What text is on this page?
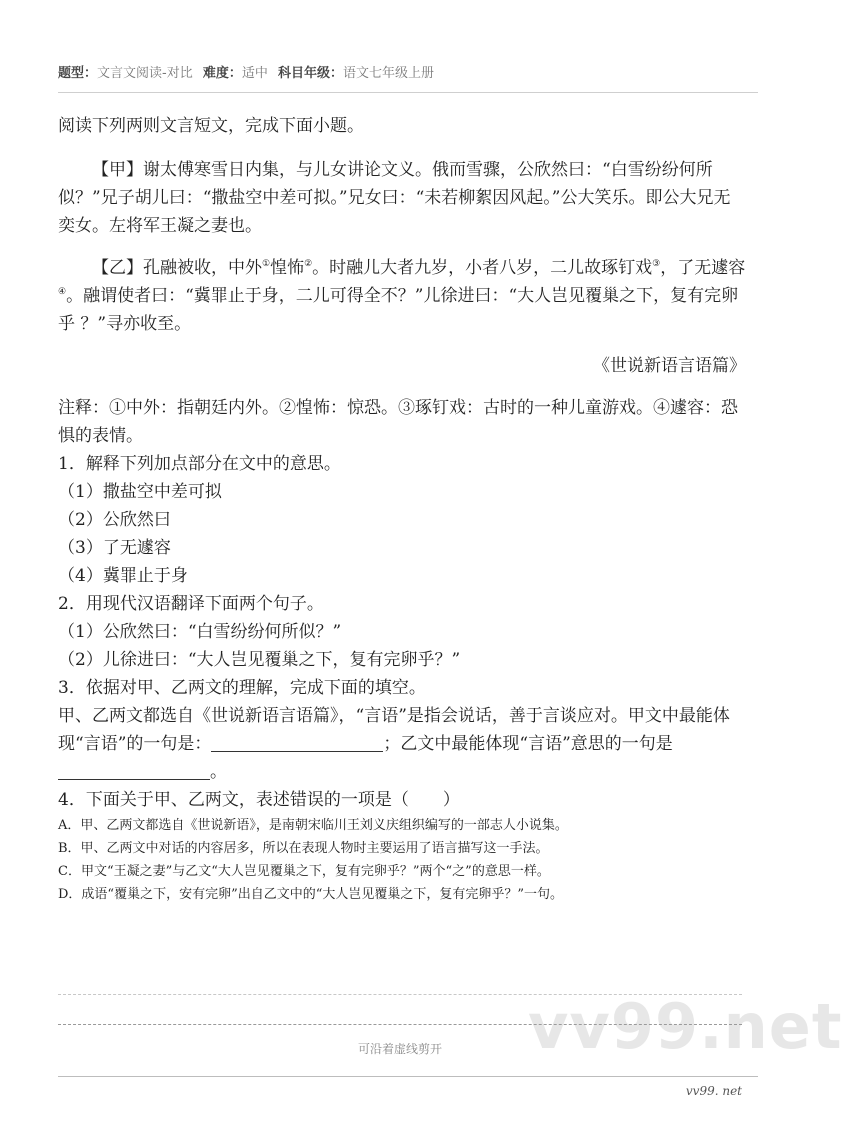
题型：文言文阅读-对比 难度：适中 科目年级：语文七年级上册

阅读下列两则文言短文，完成下面小题。

【甲】谢太傅寒雪日内集，与儿女讲论文义。俄而雪骤，公欣然曰：“白雪纷纷何所似？”兄子胡儿曰：“撒盐空中差可拟。”兄女曰：“未若柳絮因风起。”公大笑乐。即公大兄无奕女。左将军王凝之妻也。

【乙】孔融被收，中外①惶怖②。时融儿大者九岁，小者八岁，二儿故琢钉戏③，了无遽容④。融谓使者曰：“冀罪止于身，二儿可得全不？”儿徐进曰：“大人岂见覆巢之下，复有完卵乎 ？”寻亦收至。

《世说新语言语篇》

注释：①中外：指朝廷内外。②惶怖：惊恐。③琢钉戏：古时的一种儿童游戏。④遽容：恐惧的表情。

1．解释下列加点部分在文中的意思。

（1）撒盐空中差可拟

（2）公欣然曰

（3）了无遽容

（4）冀罪止于身

2．用现代汉语翻译下面两个句子。

（1）公欣然曰：“白雪纷纷何所似？”

（2）儿徐进曰：“大人岂见覆巢之下，复有完卵乎？”

3．依据对甲、乙两文的理解，完成下面的填空。

甲、乙两文都选自《世说新语言语篇》，“言语”是指会说话，善于言谈应对。甲文中最能体现“言语”的一句是：	；乙文中最能体现“言语”意思的一句是。

4．下面关于甲、乙两文，表述错误的一项是（　　）

A．甲、乙两文都选自《世说新语》，是南朝宋临川王刘义庆组织编写的一部志人小说集。

B．甲、乙两文中对话的内容居多，所以在表现人物时主要运用了语言描写这一手法。

C．甲文“王凝之妻”与乙文“大人岂见覆巢之下，复有完卵乎？”两个“之”的意思一样。

D．成语“覆巢之下，安有完卵”出自乙文中的“大人岂见覆巢之下，复有完卵乎？”一句。

vv99.net
可沿着虚线剪开
vv99. net
